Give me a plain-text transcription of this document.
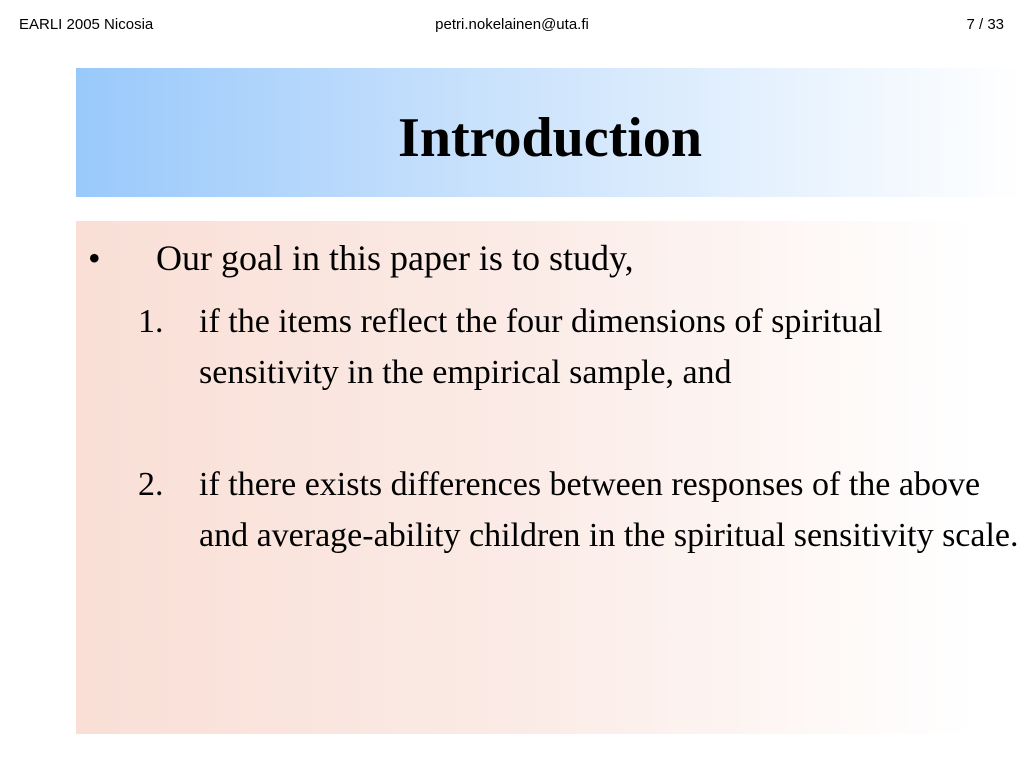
EARLI 2005 Nicosia	petri.nokelainen@uta.fi	7 / 33
Introduction
• Our goal in this paper is to study,
1. if the items reflect the four dimensions of spiritual sensitivity in the empirical sample, and
2. if there exists differences between responses of the above and average-ability children in the spiritual sensitivity scale.
